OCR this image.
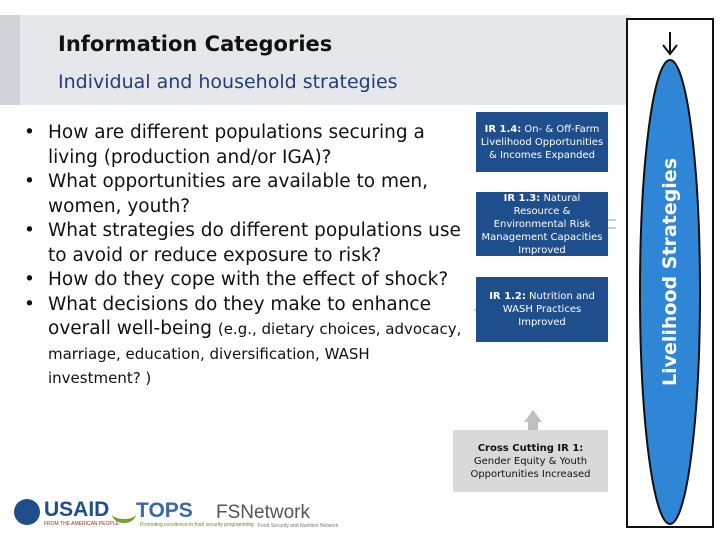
Information Categories
Individual and household strategies
• How are different populations securing a living (production and/or IGA)?
• What opportunities are available to men, women, youth?
• What strategies do different populations use to avoid or reduce exposure to risk?
• How do they cope with the effect of shock?
• What decisions do they make to enhance overall well-being (e.g., dietary choices, advocacy, marriage, education, diversification, WASH investment? )
IR 1.4: On- & Off-Farm Livelihood Opportunities & Incomes Expanded
IR 1.3: Natural Resource & Environmental Risk Management Capacities Improved
IR 1.2: Nutrition and WASH Practices Improved
Cross Cutting IR 1:
Gender Equity & Youth Opportunities Increased
Livelihood Strategies
USAID
FROM THE AMERICAN PEOPLE
TOPS
Promoting excellence in food security programming
FSNetwork
Food Security and Nutrition Network
